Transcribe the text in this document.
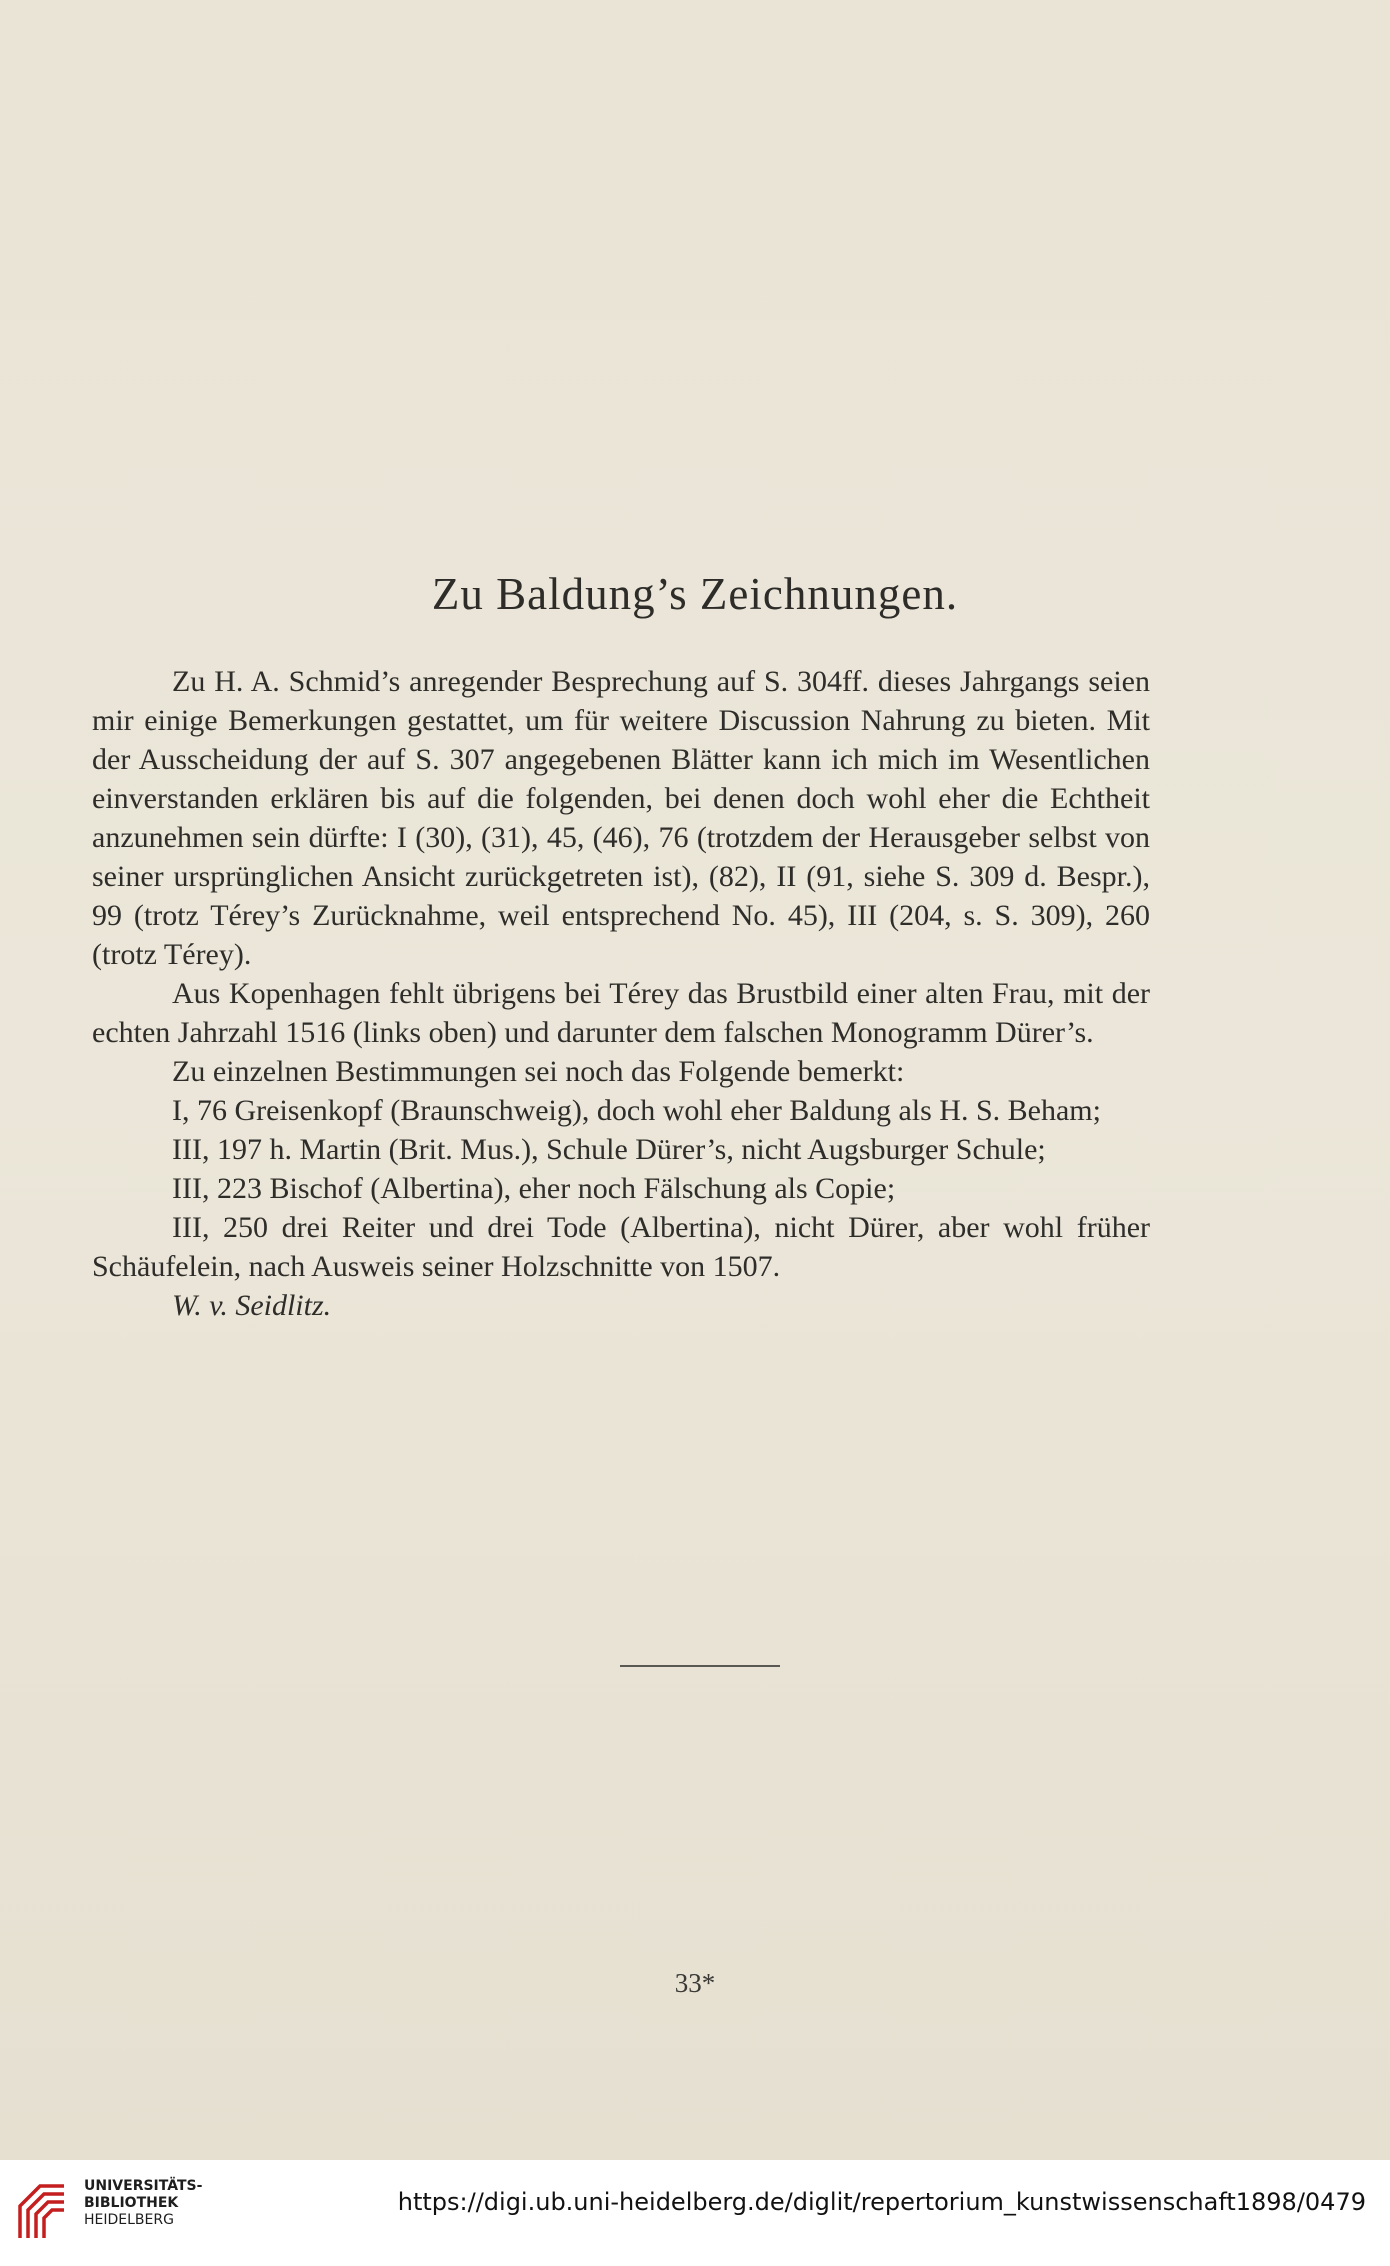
Zu Baldung’s Zeichnungen.

Zu H. A. Schmid’s anregender Besprechung auf S. 304ff. dieses Jahrgangs seien mir einige Bemerkungen gestattet, um für weitere Discussion Nahrung zu bieten. Mit der Ausscheidung der auf S. 307 angegebenen Blätter kann ich mich im Wesentlichen einverstanden erklären bis auf die folgenden, bei denen doch wohl eher die Echtheit anzunehmen sein dürfte: I (30), (31), 45, (46), 76 (trotzdem der Herausgeber selbst von seiner ursprünglichen Ansicht zurückgetreten ist), (82), II (91, siehe S. 309 d. Bespr.), 99 (trotz Térey’s Zurücknahme, weil entsprechend No. 45), III (204, s. S. 309), 260 (trotz Térey).

Aus Kopenhagen fehlt übrigens bei Térey das Brustbild einer alten Frau, mit der echten Jahrzahl 1516 (links oben) und darunter dem falschen Monogramm Dürer’s.

Zu einzelnen Bestimmungen sei noch das Folgende bemerkt:

I, 76 Greisenkopf (Braunschweig), doch wohl eher Baldung als H. S. Beham;

III, 197 h. Martin (Brit. Mus.), Schule Dürer’s, nicht Augsburger Schule;

III, 223 Bischof (Albertina), eher noch Fälschung als Copie;

III, 250 drei Reiter und drei Tode (Albertina), nicht Dürer, aber wohl früher Schäufelein, nach Ausweis seiner Holzschnitte von 1507.

W. v. Seidlitz.

33*
UNIVERSITÄTS-
BIBLIOTHEK
HEIDELBERG
https://digi.ub.uni-heidelberg.de/diglit/repertorium_kunstwissenschaft1898/0479
